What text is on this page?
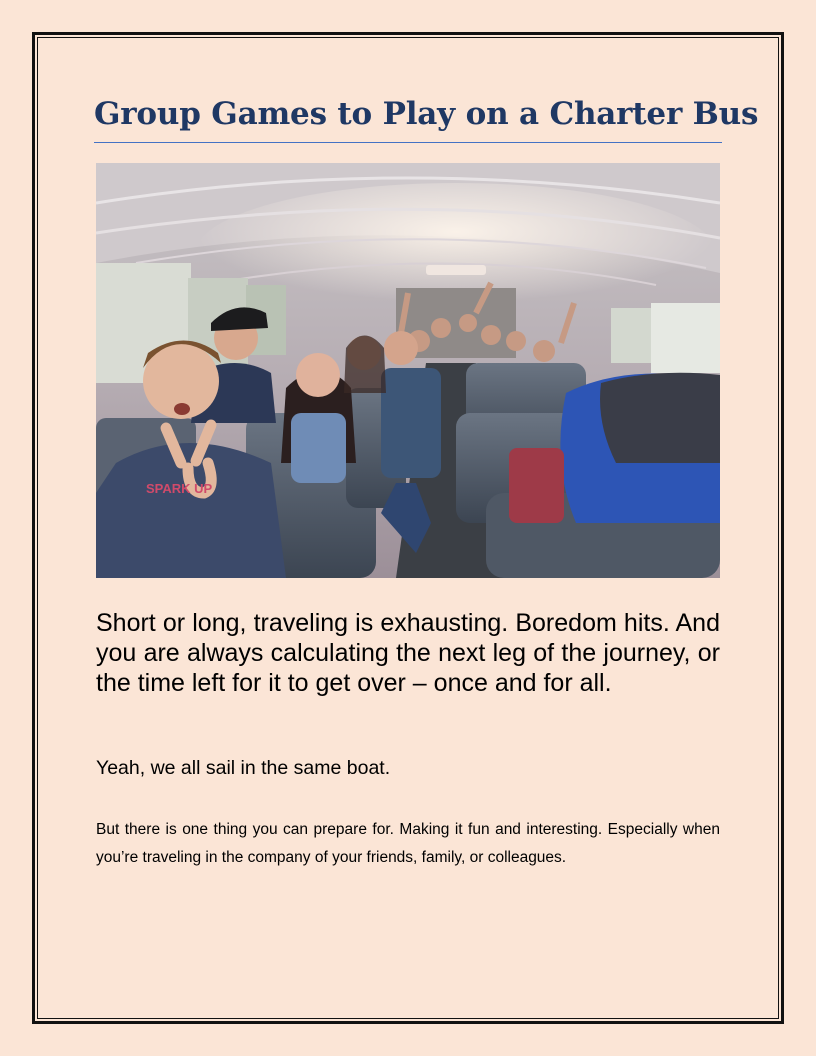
Group Games to Play on a Charter Bus
SPARK UP

Short or long, traveling is exhausting. Boredom hits. And you are always calculating the next leg of the journey, or the time left for it to get over – once and for all.

Yeah, we all sail in the same boat.

But there is one thing you can prepare for. Making it fun and interesting. Especially when you’re traveling in the company of your friends, family, or colleagues.
